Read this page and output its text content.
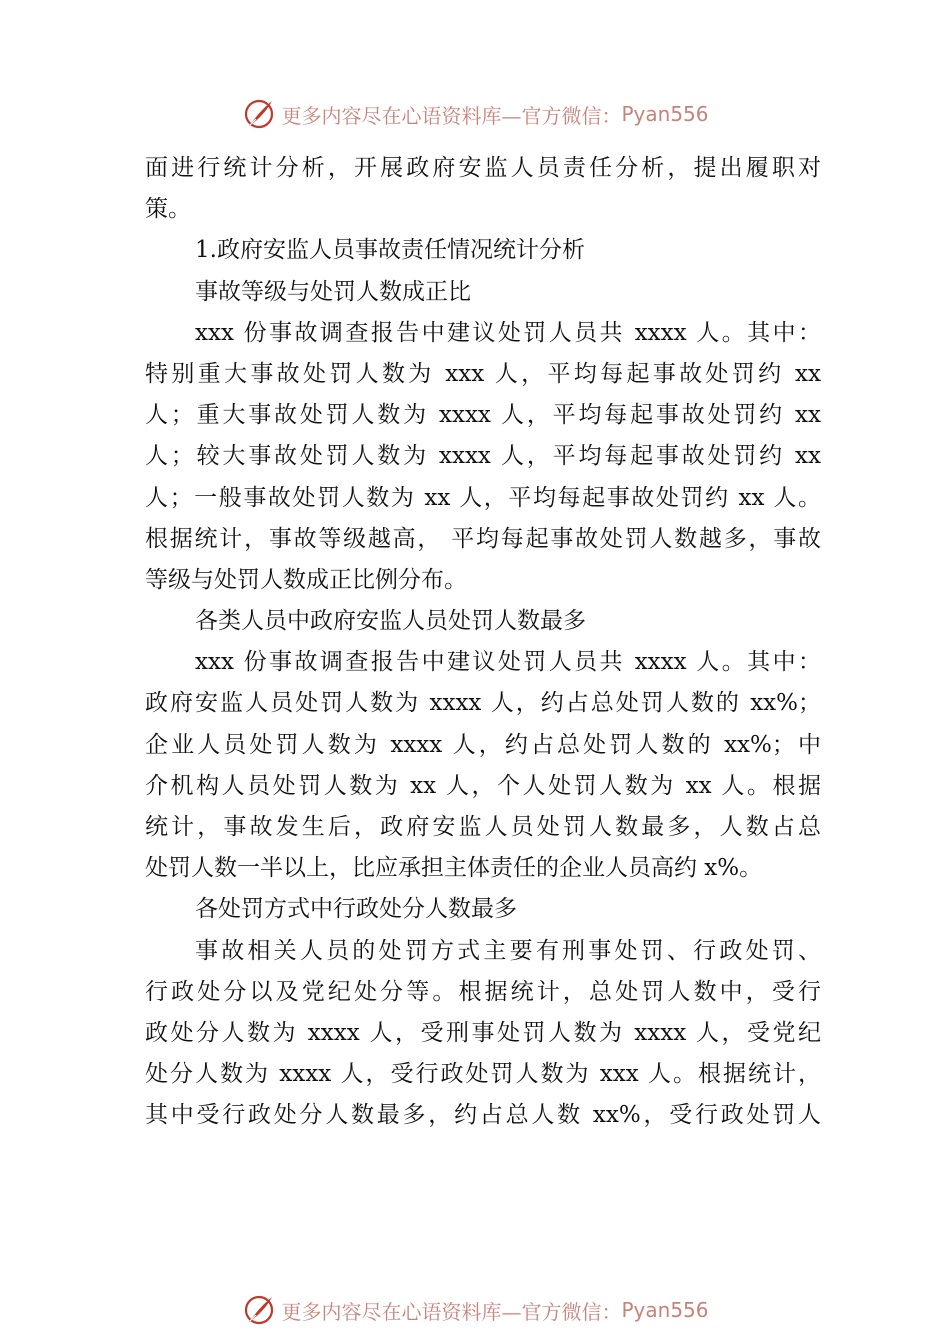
更多内容尽在心语资料库—官方微信： Pyan556
面进行统计分析，开展政府安监人员责任分析，提出履职对
策。
1.政府安监人员事故责任情况统计分析
事故等级与处罚人数成正比
xxx 份事故调查报告中建议处罚人员共 xxxx 人。其中：
特别重大事故处罚人数为 xxx 人，平均每起事故处罚约 xx
人；重大事故处罚人数为 xxxx 人，平均每起事故处罚约 xx
人；较大事故处罚人数为 xxxx 人，平均每起事故处罚约 xx
人；一般事故处罚人数为 xx 人，平均每起事故处罚约 xx 人。
根据统计，事故等级越高， 平均每起事故处罚人数越多，事故
等级与处罚人数成正比例分布。
各类人员中政府安监人员处罚人数最多
xxx 份事故调查报告中建议处罚人员共 xxxx 人。其中：
政府安监人员处罚人数为 xxxx 人，约占总处罚人数的 xx%；
企业人员处罚人数为 xxxx 人，约占总处罚人数的 xx%；中
介机构人员处罚人数为 xx 人，个人处罚人数为 xx 人。根据
统计，事故发生后，政府安监人员处罚人数最多，人数占总
处罚人数一半以上，比应承担主体责任的企业人员高约 x%。
各处罚方式中行政处分人数最多
事故相关人员的处罚方式主要有刑事处罚、行政处罚、
行政处分以及党纪处分等。根据统计，总处罚人数中，受行
政处分人数为 xxxx 人，受刑事处罚人数为 xxxx 人，受党纪
处分人数为 xxxx 人，受行政处罚人数为 xxx 人。根据统计，
其中受行政处分人数最多，约占总人数 xx%，受行政处罚人
更多内容尽在心语资料库—官方微信： Pyan556
